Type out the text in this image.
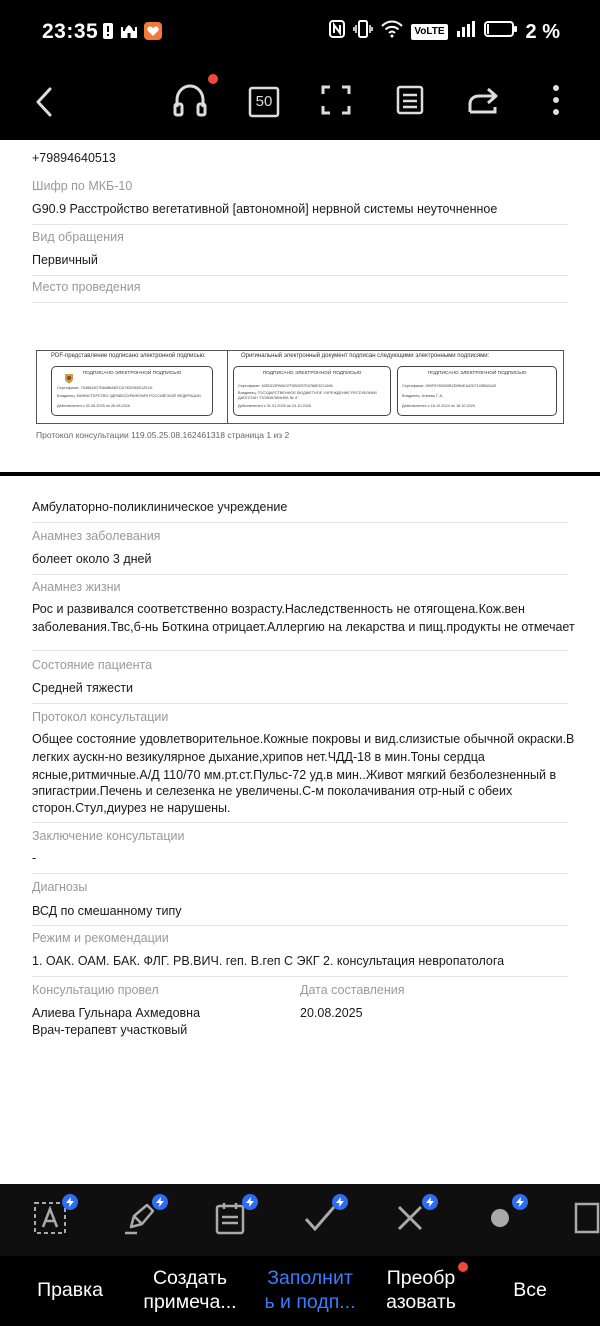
23:35	VoLTE	2 %
50
+79894640513
Шифр по МКБ-10
G90.9 Расстройство вегетативной [автономной] нервной системы неуточненное
Вид обращения
Первичный
Место проведения
PDF-представление подписано электронной подписью:	Оригинальный электронный документ подписан следующими электронными подписями:
ПОДПИСАНО ЭЛЕКТРОННОЙ ПОДПИСЬЮ
Сертификат: 7548624D7B6488AEECA7452965012E1A
Владелец: МИНИСТЕРСТВО ЗДРАВООХРАНЕНИЯ РОССИЙСКОЙ ФЕДЕРАЦИИ
Действителен с 02.06.2025 по 26.08.2026
ПОДПИСАНО ЭЛЕКТРОННОЙ ПОДПИСЬЮ
Сертификат: 62EDD3FB0A37F0B0037D0786EDC1656
Владелец: ГОСУДАРСТВЕННОЕ БЮДЖЕТНОЕ УЧРЕЖДЕНИЕ РЕСПУБЛИКИ ДАГЕСТАН "ПОЛИКЛИНИКА № 4"
Действителен с 31.01.2025 по 24.10.2026
ПОДПИСАНО ЭЛЕКТРОННОЙ ПОДПИСЬЮ
Сертификат: 590F8780000B2D9B4EA4007103B63443
Владелец: Алиева Г. А.
Действителен с 18.10.2024 по 18.10.2025
Протокол консультации 119.05.25.08.162461318 страница 1 из 2
Амбулаторно-поликлиническое учреждение
Анамнез заболевания
болеет около 3 дней
Анамнез жизни
Рос и развивался соответственно возрасту.Наследственность не отягощена.Кож.вен
заболевания.Твс,б-нь Боткина отрицает.Аллергию на лекарства и пищ.продукты не отмечает
Состояние пациента
Средней тяжести
Протокол консультации
Общее состояние удовлетворительное.Кожные покровы и вид.слизистые обычной окраски.В
легких аускн-но везикулярное дыхание,хрипов нет.ЧДД-18 в мин.Тоны сердца
ясные,ритмичные.А/Д 110/70 мм.рт.ст.Пульс-72 уд.в мин..Живот мягкий безболезненный в
эпигастрии.Печень и селезенка не увеличены.С-м поколачивания отр-ный с обеих
сторон.Стул,диурез не нарушены.
Заключение консультации
-
Диагнозы
ВСД по смешанному типу
Режим и рекомендации
1. ОАК. ОАМ. БАК. ФЛГ. РВ.ВИЧ. геп. В.геп С ЭКГ 2. консультация невропатолога
Консультацию провел	Дата составления
Алиева Гульнара Ахмедовна	20.08.2025
Врач-терапевт участковый
Правка
Создать
примеча...
Заполнит
ь и подп...
Преобр
азовать
Все
